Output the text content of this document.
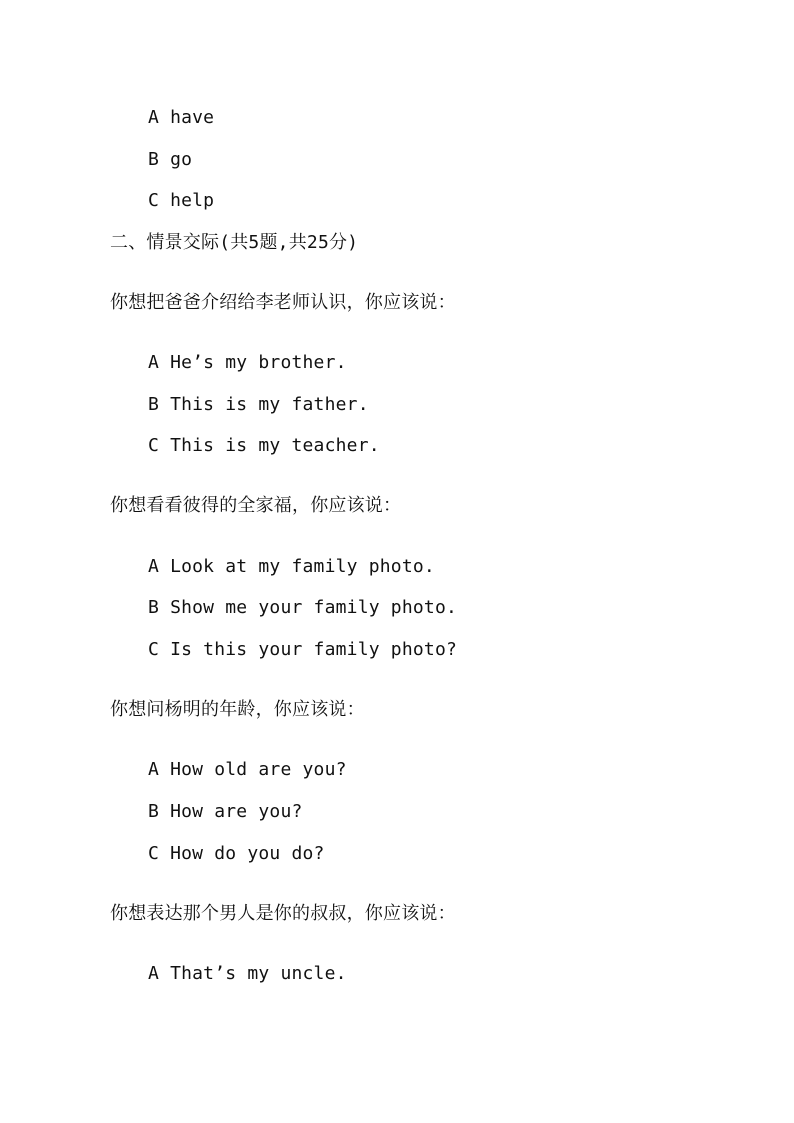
A have
B go
C help
二、情景交际(共5题,共25分)
你想把爸爸介绍给李老师认识，你应该说：
A He’s my brother.
B This is my father.
C This is my teacher.
你想看看彼得的全家福，你应该说：
A Look at my family photo.
B Show me your family photo.
C Is this your family photo?
你想问杨明的年龄，你应该说：
A How old are you?
B How are you?
C How do you do?
你想表达那个男人是你的叔叔，你应该说：
A That’s my uncle.
